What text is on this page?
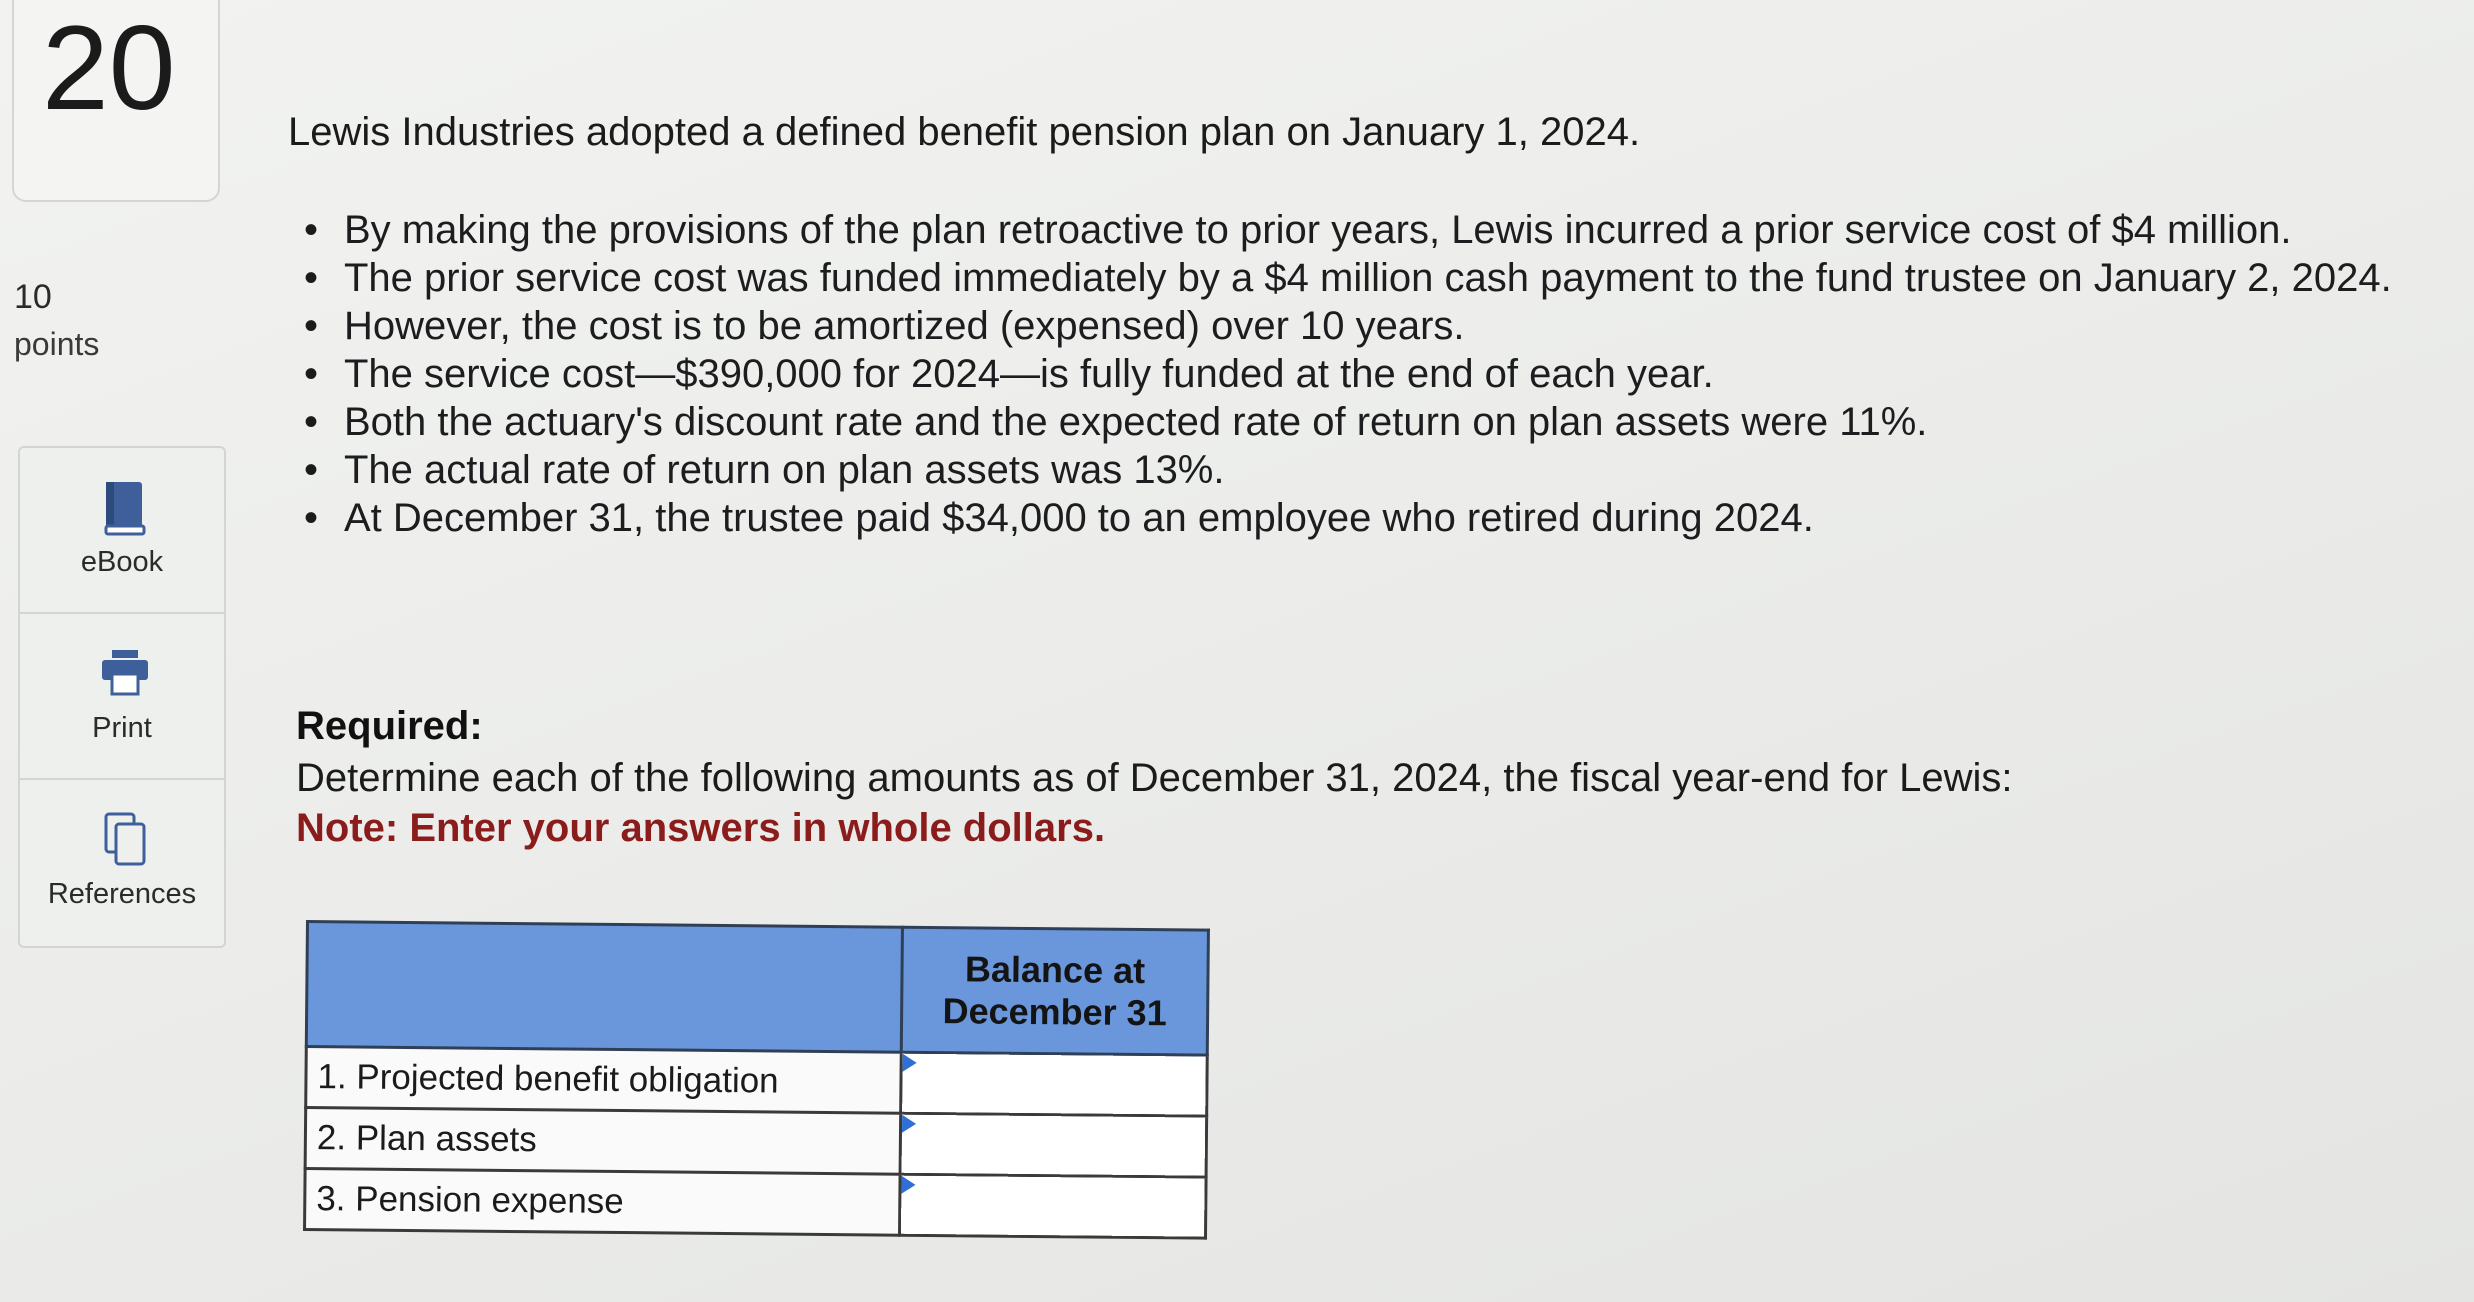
20
10
points
eBook
Print
References
Lewis Industries adopted a defined benefit pension plan on January 1, 2024.
• By making the provisions of the plan retroactive to prior years, Lewis incurred a prior service cost of $4 million.
• The prior service cost was funded immediately by a $4 million cash payment to the fund trustee on January 2, 2024.
• However, the cost is to be amortized (expensed) over 10 years.
• The service cost—$390,000 for 2024—is fully funded at the end of each year.
• Both the actuary's discount rate and the expected rate of return on plan assets were 11%.
• The actual rate of return on plan assets was 13%.
• At December 31, the trustee paid $34,000 to an employee who retired during 2024.
Required:
Determine each of the following amounts as of December 31, 2024, the fiscal year-end for Lewis:
Note: Enter your answers in whole dollars.
	Balance at December 31
1. Projected benefit obligation	
2. Plan assets	
3. Pension expense	
